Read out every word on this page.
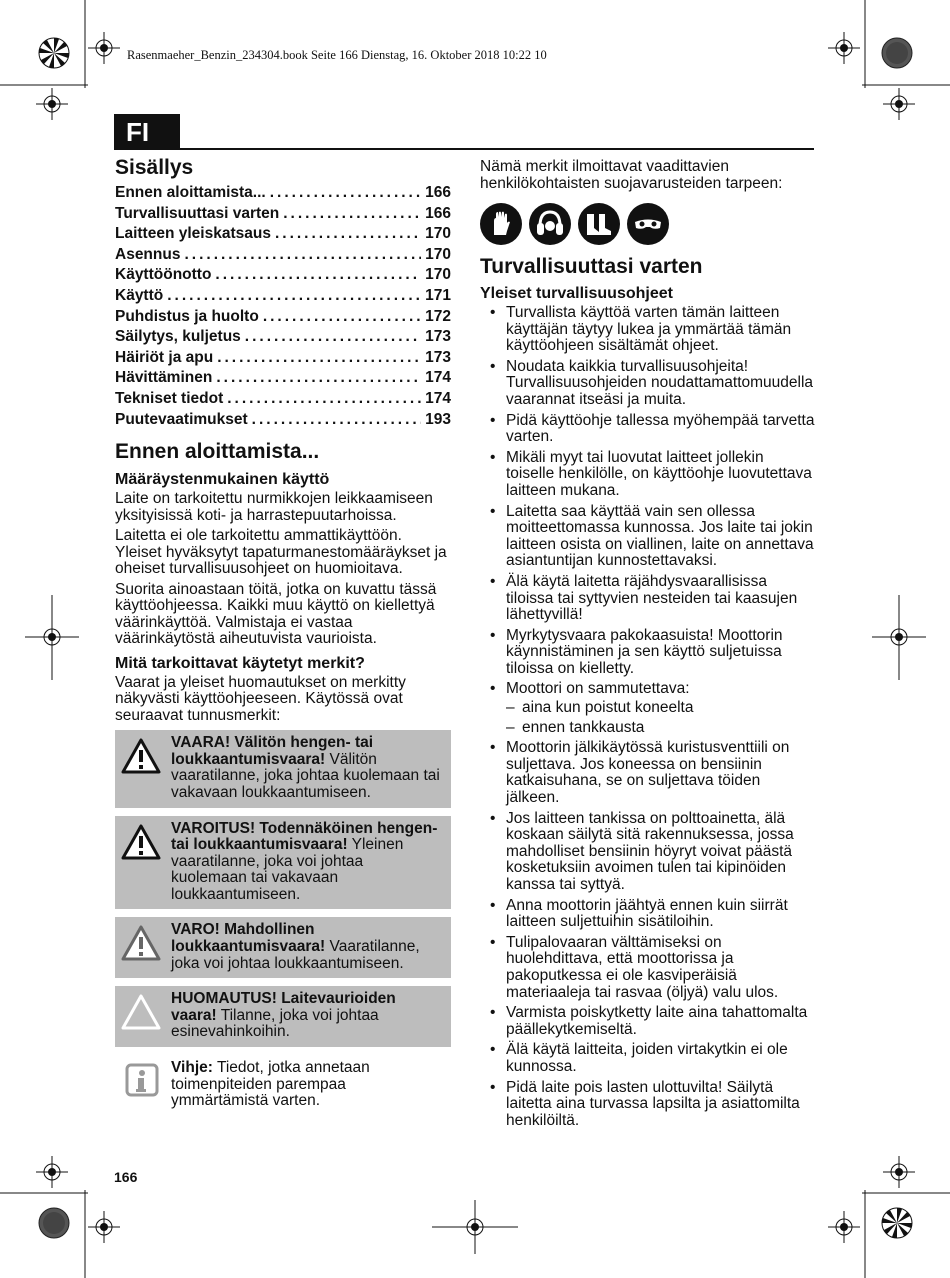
Rasenmaeher_Benzin_234304.book Seite 166 Dienstag, 16. Oktober 2018 10:22 10
FI
Sisällys
Ennen aloittamista... .....	166
Turvallisuuttasi varten .....	166
Laitteen yleiskatsaus .....	170
Asennus .....	170
Käyttöönotto .....	170
Käyttö .....	171
Puhdistus ja huolto .....	172
Säilytys, kuljetus .....	173
Häiriöt ja apu .....	173
Hävittäminen .....	174
Tekniset tiedot .....	174
Puutevaatimukset .....	193
Ennen aloittamista...
Määräystenmukainen käyttö

Laite on tarkoitettu nurmikkojen leikkaamiseen yksityisissä koti- ja harrastepuutarhoissa.

Laitetta ei ole tarkoitettu ammattikäyttöön. Yleiset hyväksytyt tapaturmanestomääräykset ja oheiset turvallisuusohjeet on huomioitava.

Suorita ainoastaan töitä, jotka on kuvattu tässä käyttöohjeessa. Kaikki muu käyttö on kiellettyä väärinkäyttöä. Valmistaja ei vastaa väärinkäytöstä aiheutuvista vaurioista.

Mitä tarkoittavat käytetyt merkit?

Vaarat ja yleiset huomautukset on merkitty näkyvästi käyttöohjeeseen. Käytössä ovat seuraavat tunnusmerkit:

VAARA! Välitön hengen- tai loukkaantumisvaara! Välitön vaaratilanne, joka johtaa kuolemaan tai vakavaan loukkaantumiseen.

VAROITUS! Todennäköinen hengen- tai loukkaantumisvaara! Yleinen vaaratilanne, joka voi johtaa kuolemaan tai vakavaan loukkaantumiseen.

VARO! Mahdollinen loukkaantumisvaara! Vaaratilanne, joka voi johtaa loukkaantumiseen.

HUOMAUTUS! Laitevaurioiden vaara! Tilanne, joka voi johtaa esinevahinkoihin.

Vihje: Tiedot, jotka annetaan toimenpiteiden parempaa ymmärtämistä varten.

Nämä merkit ilmoittavat vaadittavien henkilökohtaisten suojavarusteiden tarpeen:

Turvallisuuttasi varten
Yleiset turvallisuusohjeet
• Turvallista käyttöä varten tämän laitteen käyttäjän täytyy lukea ja ymmärtää tämän käyttöohjeen sisältämät ohjeet.
• Noudata kaikkia turvallisuusohjeita! Turvallisuusohjeiden noudattamattomuudella vaarannat itseäsi ja muita.
• Pidä käyttöohje tallessa myöhempää tarvetta varten.
• Mikäli myyt tai luovutat laitteet jollekin toiselle henkilölle, on käyttöohje luovutettava laitteen mukana.
• Laitetta saa käyttää vain sen ollessa moitteettomassa kunnossa. Jos laite tai jokin laitteen osista on viallinen, laite on annettava asiantuntijan kunnostettavaksi.
• Älä käytä laitetta räjähdysvaarallisissa tiloissa tai syttyvien nesteiden tai kaasujen lähettyvillä!
• Myrkytysvaara pakokaasuista! Moottorin käynnistäminen ja sen käyttö suljetuissa tiloissa on kielletty.
• Moottori on sammutettava:
– aina kun poistut koneelta
– ennen tankkausta
• Moottorin jälkikäytössä kuristusventtiili on suljettava. Jos koneessa on bensiinin katkaisuhana, se on suljettava töiden jälkeen.
• Jos laitteen tankissa on polttoainetta, älä koskaan säilytä sitä rakennuksessa, jossa mahdolliset bensiinin höyryt voivat päästä kosketuksiin avoimen tulen tai kipinöiden kanssa tai syttyä.
• Anna moottorin jäähtyä ennen kuin siirrät laitteen suljettuihin sisätiloihin.
• Tulipalovaaran välttämiseksi on huolehdittava, että moottorissa ja pakoputkessa ei ole kasviperäisiä materiaaleja tai rasvaa (öljyä) valu ulos.
• Varmista poiskytketty laite aina tahattomalta päällekytkemiseltä.
• Älä käytä laitteita, joiden virtakytkin ei ole kunnossa.
• Pidä laite pois lasten ulottuvilta! Säilytä laitetta aina turvassa lapsilta ja asiattomilta henkilöiltä.
166
